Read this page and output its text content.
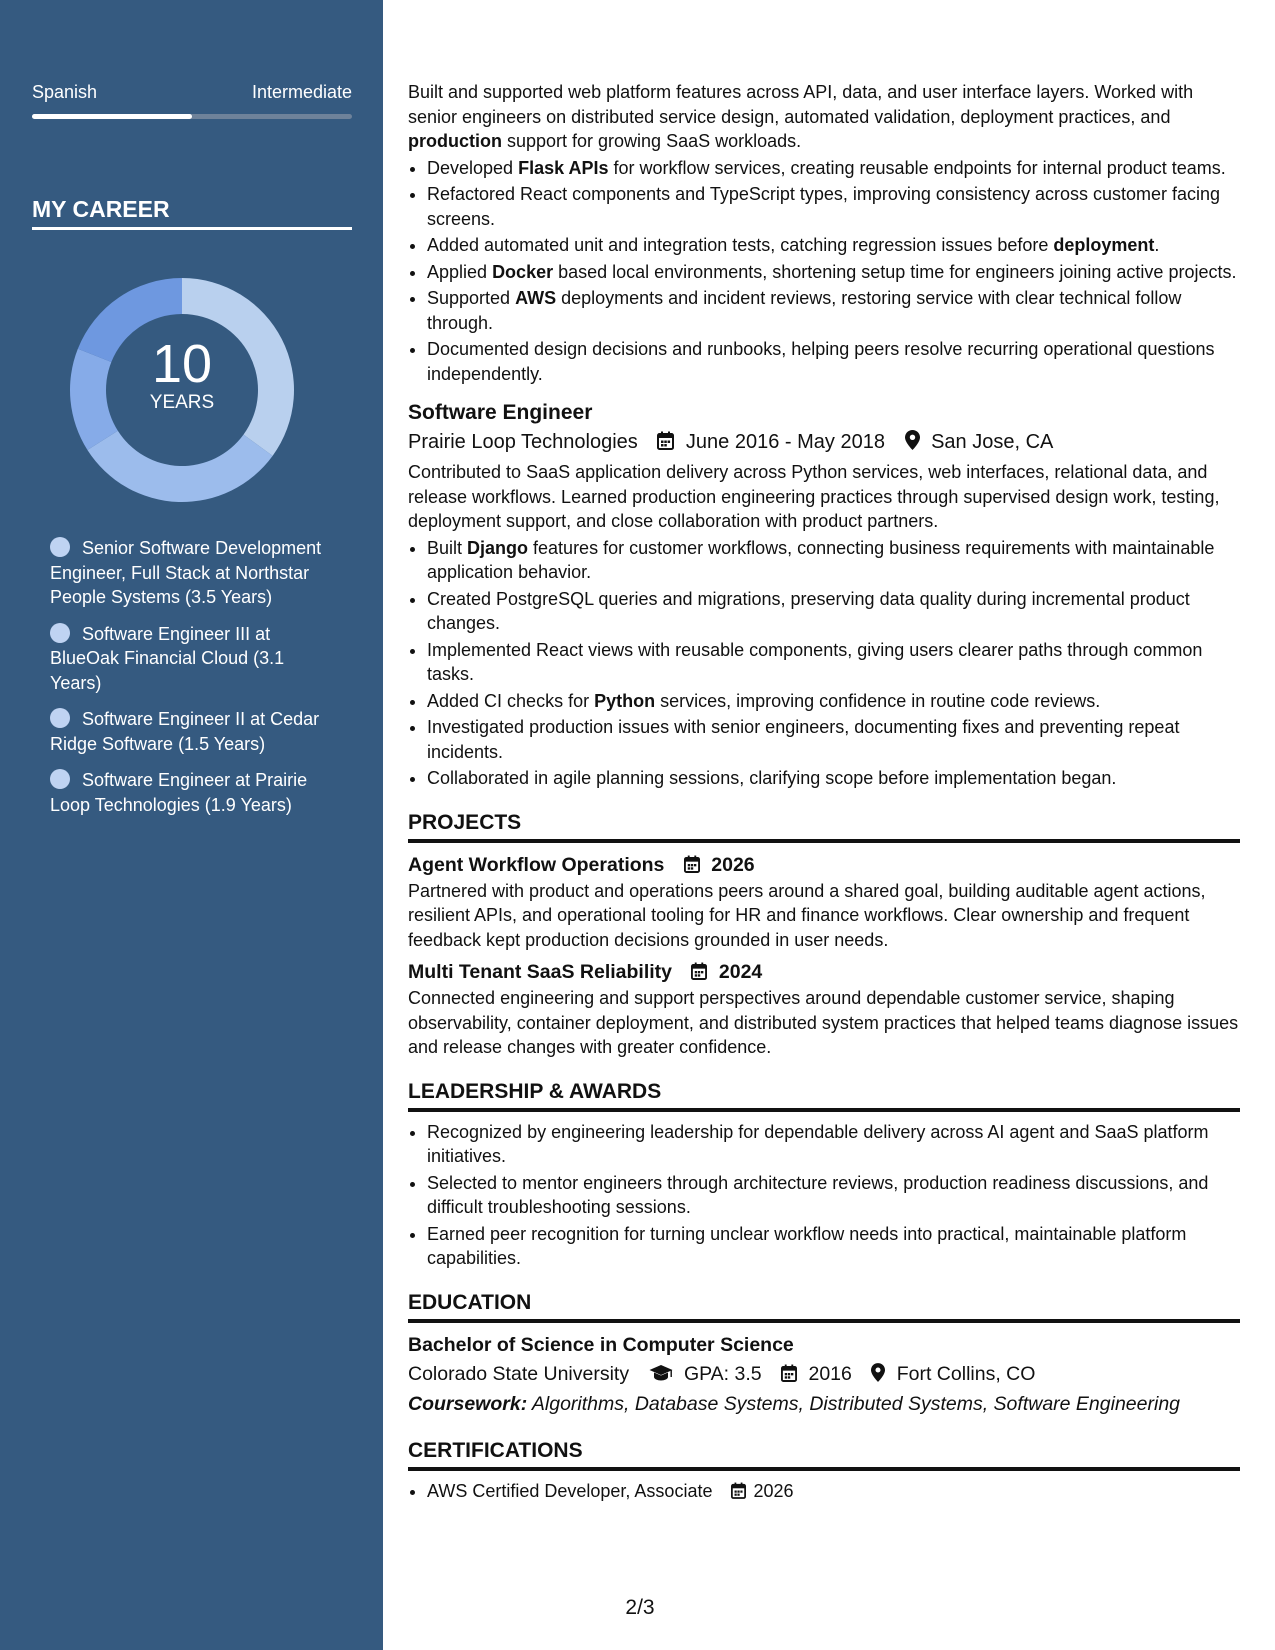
Spanish	Intermediate
MY CAREER
10
YEARS
Senior Software Development Engineer, Full Stack at Northstar People Systems (3.5 Years)
Software Engineer III at BlueOak Financial Cloud (3.1 Years)
Software Engineer II at Cedar Ridge Software (1.5 Years)
Software Engineer at Prairie Loop Technologies (1.9 Years)

Built and supported web platform features across API, data, and user interface layers. Worked with senior engineers on distributed service design, automated validation, deployment practices, and production support for growing SaaS workloads.

• Developed Flask APIs for workflow services, creating reusable endpoints for internal product teams.
• Refactored React components and TypeScript types, improving consistency across customer facing screens.
• Added automated unit and integration tests, catching regression issues before deployment.
• Applied Docker based local environments, shortening setup time for engineers joining active projects.
• Supported AWS deployments and incident reviews, restoring service with clear technical follow through.
• Documented design decisions and runbooks, helping peers resolve recurring operational questions independently.
Software Engineer
Prairie Loop Technologies June 2016 - May 2018 San Jose, CA

Contributed to SaaS application delivery across Python services, web interfaces, relational data, and release workflows. Learned production engineering practices through supervised design work, testing, deployment support, and close collaboration with product partners.

• Built Django features for customer workflows, connecting business requirements with maintainable application behavior.
• Created PostgreSQL queries and migrations, preserving data quality during incremental product changes.
• Implemented React views with reusable components, giving users clearer paths through common tasks.
• Added CI checks for Python services, improving confidence in routine code reviews.
• Investigated production issues with senior engineers, documenting fixes and preventing repeat incidents.
• Collaborated in agile planning sessions, clarifying scope before implementation began.
PROJECTS
Agent Workflow Operations 2026

Partnered with product and operations peers around a shared goal, building auditable agent actions, resilient APIs, and operational tooling for HR and finance workflows. Clear ownership and frequent feedback kept production decisions grounded in user needs.

Multi Tenant SaaS Reliability 2024

Connected engineering and support perspectives around dependable customer service, shaping observability, container deployment, and distributed system practices that helped teams diagnose issues and release changes with greater confidence.

LEADERSHIP & AWARDS
• Recognized by engineering leadership for dependable delivery across AI agent and SaaS platform initiatives.
• Selected to mentor engineers through architecture reviews, production readiness discussions, and difficult troubleshooting sessions.
• Earned peer recognition for turning unclear workflow needs into practical, maintainable platform capabilities.
EDUCATION
Bachelor of Science in Computer Science
Colorado State University	GPA: 3.5 2016 Fort Collins, CO
Coursework: Algorithms, Database Systems, Distributed Systems, Software Engineering
CERTIFICATIONS
• AWS Certified Developer, Associate 2026
2/3
